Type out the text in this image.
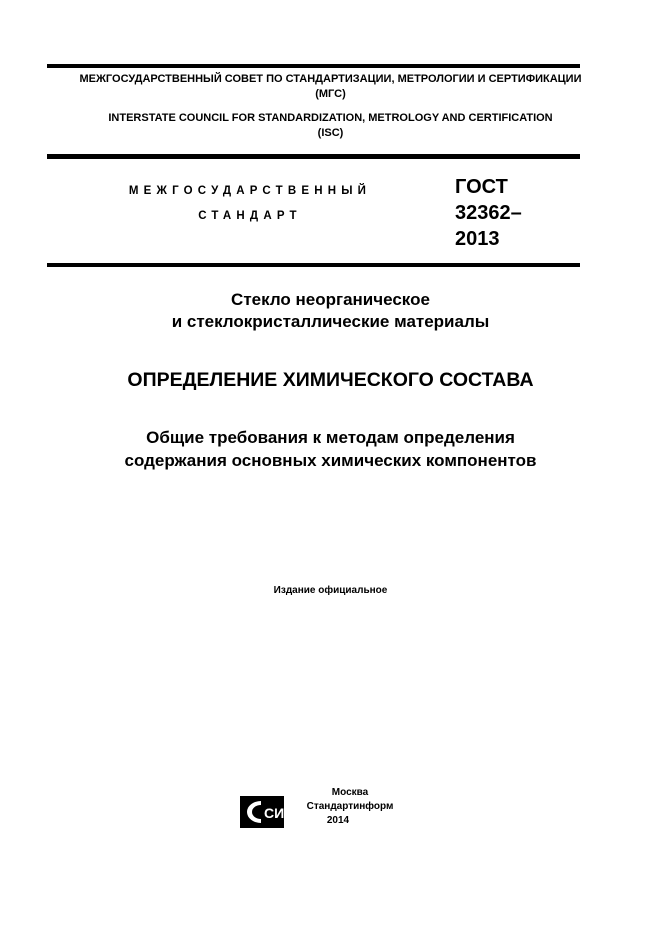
МЕЖГОСУДАРСТВЕННЫЙ СОВЕТ ПО СТАНДАРТИЗАЦИИ, МЕТРОЛОГИИ И СЕРТИФИКАЦИИ
(МГС)
INTERSTATE COUNCIL FOR STANDARDIZATION, METROLOGY AND CERTIFICATION
(ISC)
МЕЖГОСУДАРСТВЕННЫЙ
СТАНДАРТ
ГОСТ
32362–
2013
Стекло неорганическое
и стеклокристаллические материалы
ОПРЕДЕЛЕНИЕ ХИМИЧЕСКОГО СОСТАВА
Общие требования к методам определения
содержания основных химических компонентов
Издание официальное
СИ
Москва
Стандартинформ
2014
